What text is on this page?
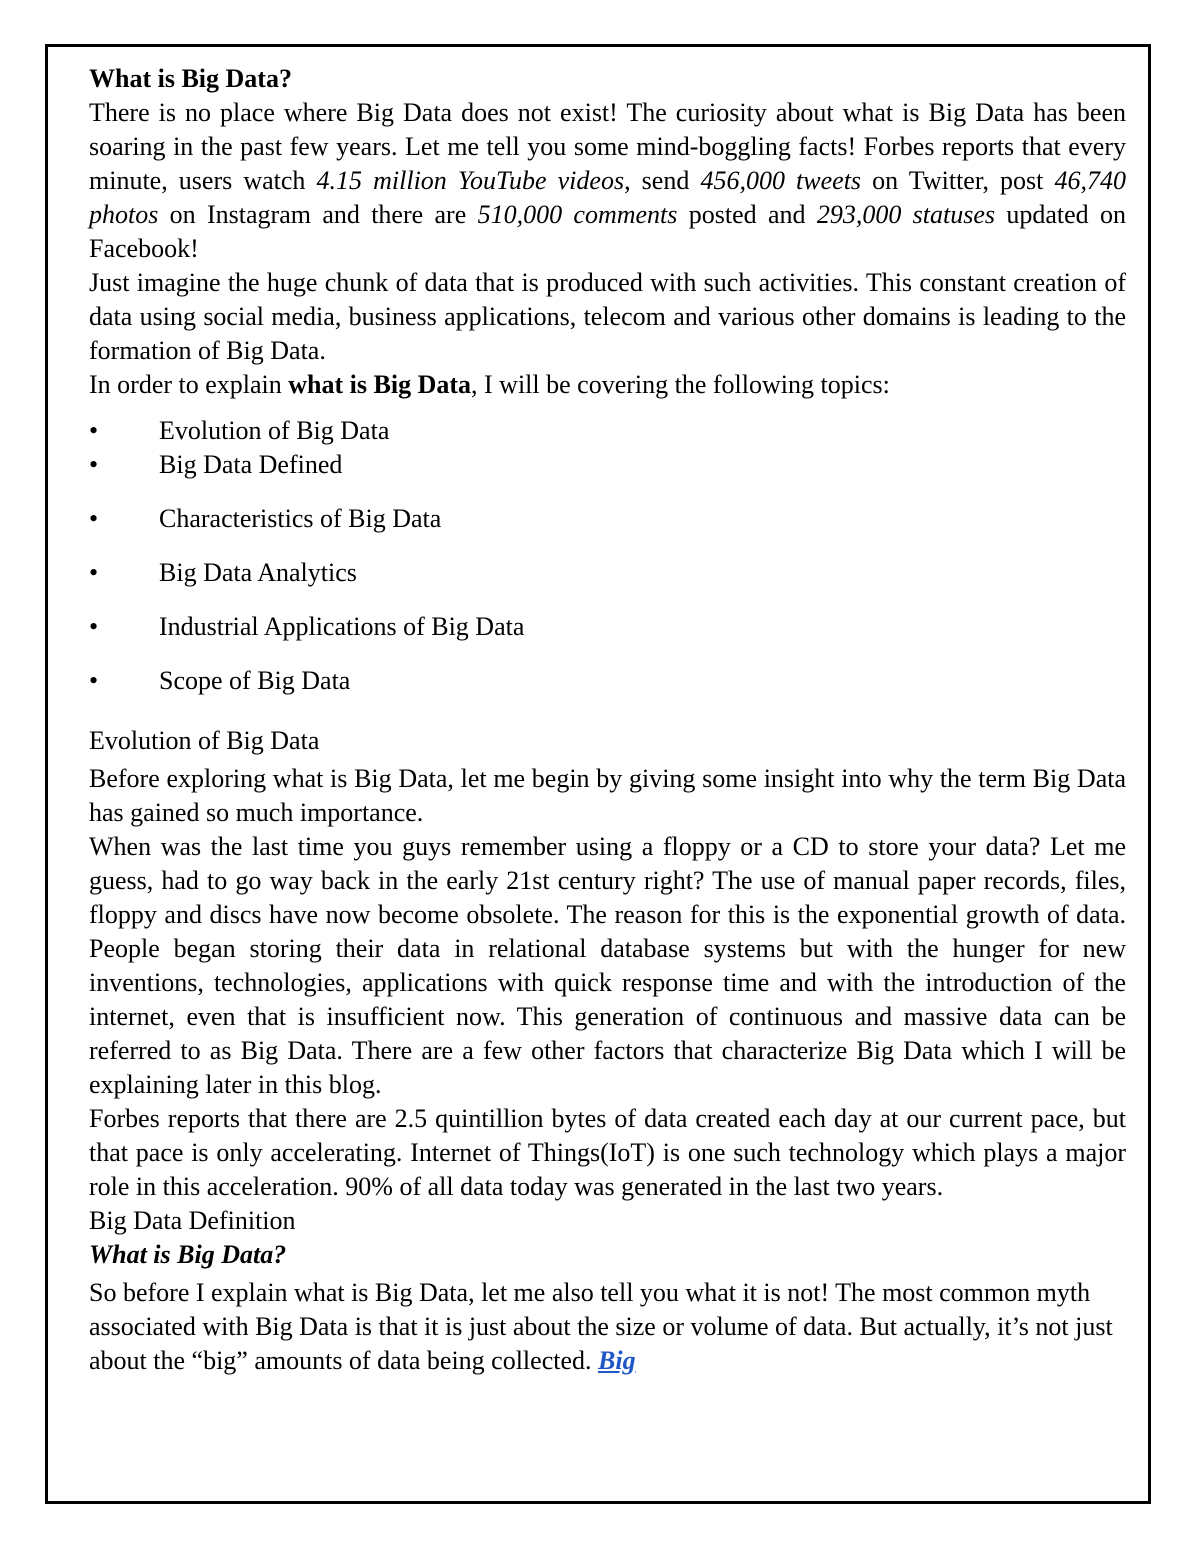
What is Big Data?

There is no place where Big Data does not exist! The curiosity about what is Big Data has been soaring in the past few years. Let me tell you some mind-boggling facts! Forbes reports that every minute, users watch 4.15 million YouTube videos, send 456,000 tweets on Twitter, post 46,740 photos on Instagram and there are 510,000 comments posted and 293,000 statuses updated on Facebook!

Just imagine the huge chunk of data that is produced with such activities. This constant creation of data using social media, business applications, telecom and various other domains is leading to the formation of Big Data.

In order to explain what is Big Data, I will be covering the following topics:

•	Evolution of Big Data
•	Big Data Defined
•	Characteristics of Big Data
•	Big Data Analytics
•	Industrial Applications of Big Data
•	Scope of Big Data

Evolution of Big Data

Before exploring what is Big Data, let me begin by giving some insight into why the term Big Data has gained so much importance.

When was the last time you guys remember using a floppy or a CD to store your data? Let me guess, had to go way back in the early 21st century right? The use of manual paper records, files, floppy and discs have now become obsolete. The reason for this is the exponential growth of data. People began storing their data in relational database systems but with the hunger for new inventions, technologies, applications with quick response time and with the introduction of the internet, even that is insufficient now. This generation of continuous and massive data can be referred to as Big Data. There are a few other factors that characterize Big Data which I will be explaining later in this blog.

Forbes reports that there are 2.5 quintillion bytes of data created each day at our current pace, but that pace is only accelerating. Internet of Things(IoT) is one such technology which plays a major role in this acceleration. 90% of all data today was generated in the last two years.

Big Data Definition

What is Big Data?

So before I explain what is Big Data, let me also tell you what it is not! The most common myth associated with Big Data is that it is just about the size or volume of data. But actually, it’s not just about the “big” amounts of data being collected. Big
